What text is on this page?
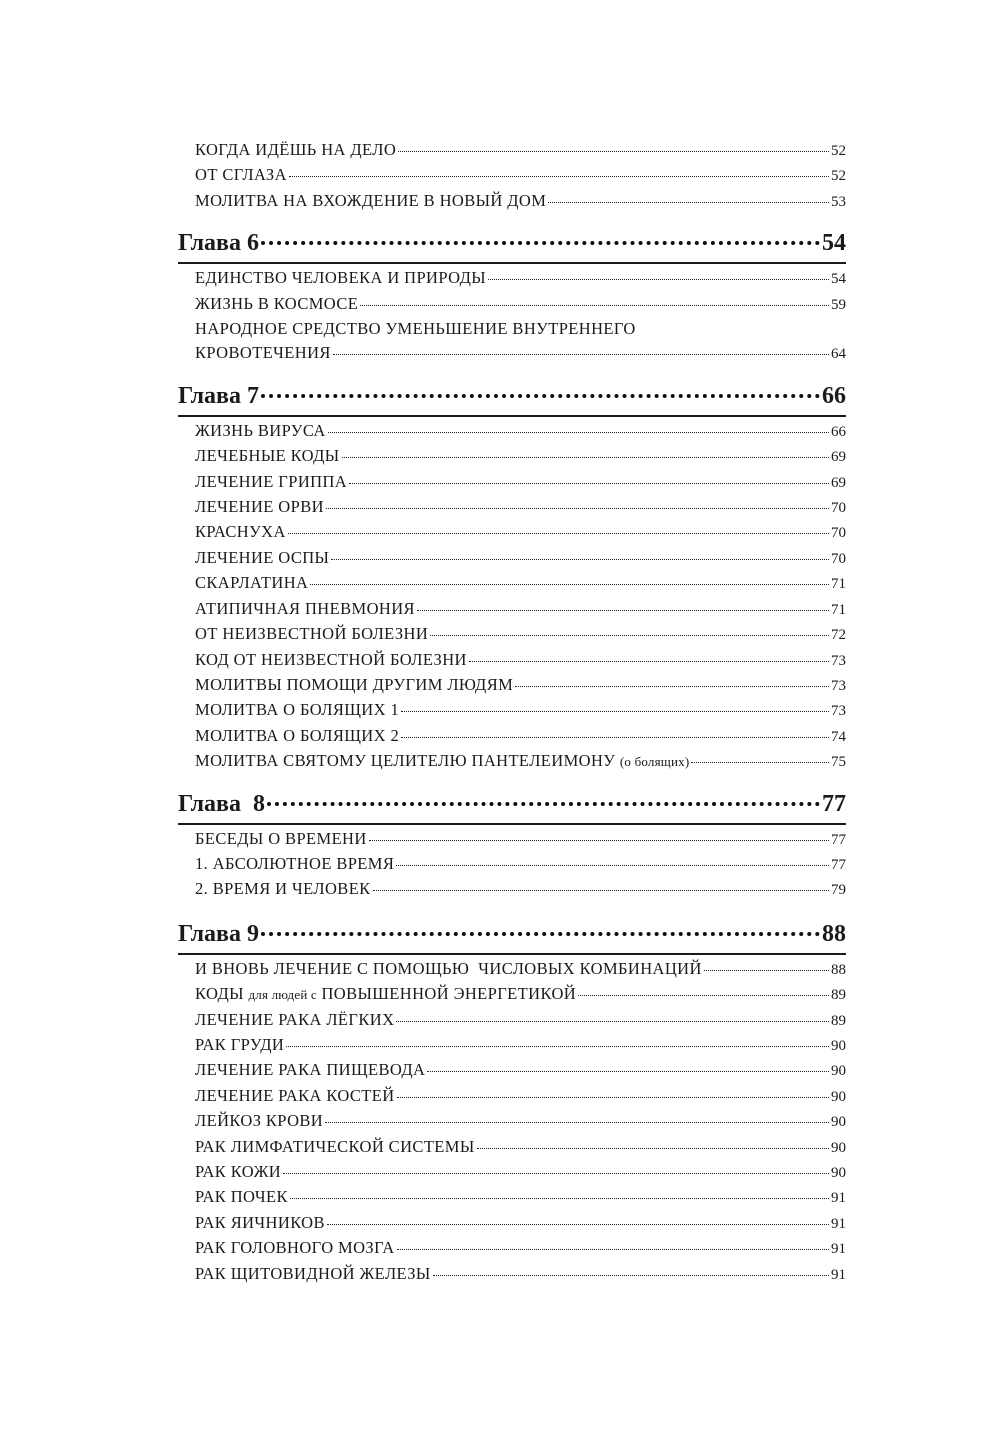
КОГДА ИДЁШЬ НА ДЕЛО	52
ОТ СГЛАЗА	52
МОЛИТВА НА ВХОЖДЕНИЕ В НОВЫЙ ДОМ	53
Глава 6	54
ЕДИНСТВО ЧЕЛОВЕКА И ПРИРОДЫ	54
ЖИЗНЬ В КОСМОСЕ	59
НАРОДНОЕ СРЕДСТВО УМЕНЬШЕНИЕ ВНУТРЕННЕГО
КРОВОТЕЧЕНИЯ	64
Глава 7	66
ЖИЗНЬ ВИРУСА	66
ЛЕЧЕБНЫЕ КОДЫ	69
ЛЕЧЕНИЕ ГРИППА	69
ЛЕЧЕНИЕ ОРВИ	70
КРАСНУХА	70
ЛЕЧЕНИЕ ОСПЫ	70
СКАРЛАТИНА	71
АТИПИЧНАЯ ПНЕВМОНИЯ	71
ОТ НЕИЗВЕСТНОЙ БОЛЕЗНИ	72
КОД ОТ НЕИЗВЕСТНОЙ БОЛЕЗНИ	73
МОЛИТВЫ ПОМОЩИ ДРУГИМ ЛЮДЯМ	73
МОЛИТВА О БОЛЯЩИХ 1	73
МОЛИТВА О БОЛЯЩИХ 2	74
МОЛИТВА СВЯТОМУ ЦЕЛИТЕЛЮ ПАНТЕЛЕИМОНУ (о болящих)	75
Глава  8	77
БЕСЕДЫ О ВРЕМЕНИ	77
1. АБСОЛЮТНОЕ ВРЕМЯ	77
2. ВРЕМЯ И ЧЕЛОВЕК	79
Глава 9	88
И ВНОВЬ ЛЕЧЕНИЕ С ПОМОЩЬЮ  ЧИСЛОВЫХ КОМБИНАЦИЙ	88
КОДЫ для людей с ПОВЫШЕННОЙ ЭНЕРГЕТИКОЙ	89
ЛЕЧЕНИЕ РАКА ЛЁГКИХ	89
РАК ГРУДИ	90
ЛЕЧЕНИЕ РАКА ПИЩЕВОДА	90
ЛЕЧЕНИЕ РАКА КОСТЕЙ	90
ЛЕЙКОЗ КРОВИ	90
РАК ЛИМФАТИЧЕСКОЙ СИСТЕМЫ	90
РАК КОЖИ	90
РАК ПОЧЕК	91
РАК ЯИЧНИКОВ	91
РАК ГОЛОВНОГО МОЗГА	91
РАК ЩИТОВИДНОЙ ЖЕЛЕЗЫ	91
